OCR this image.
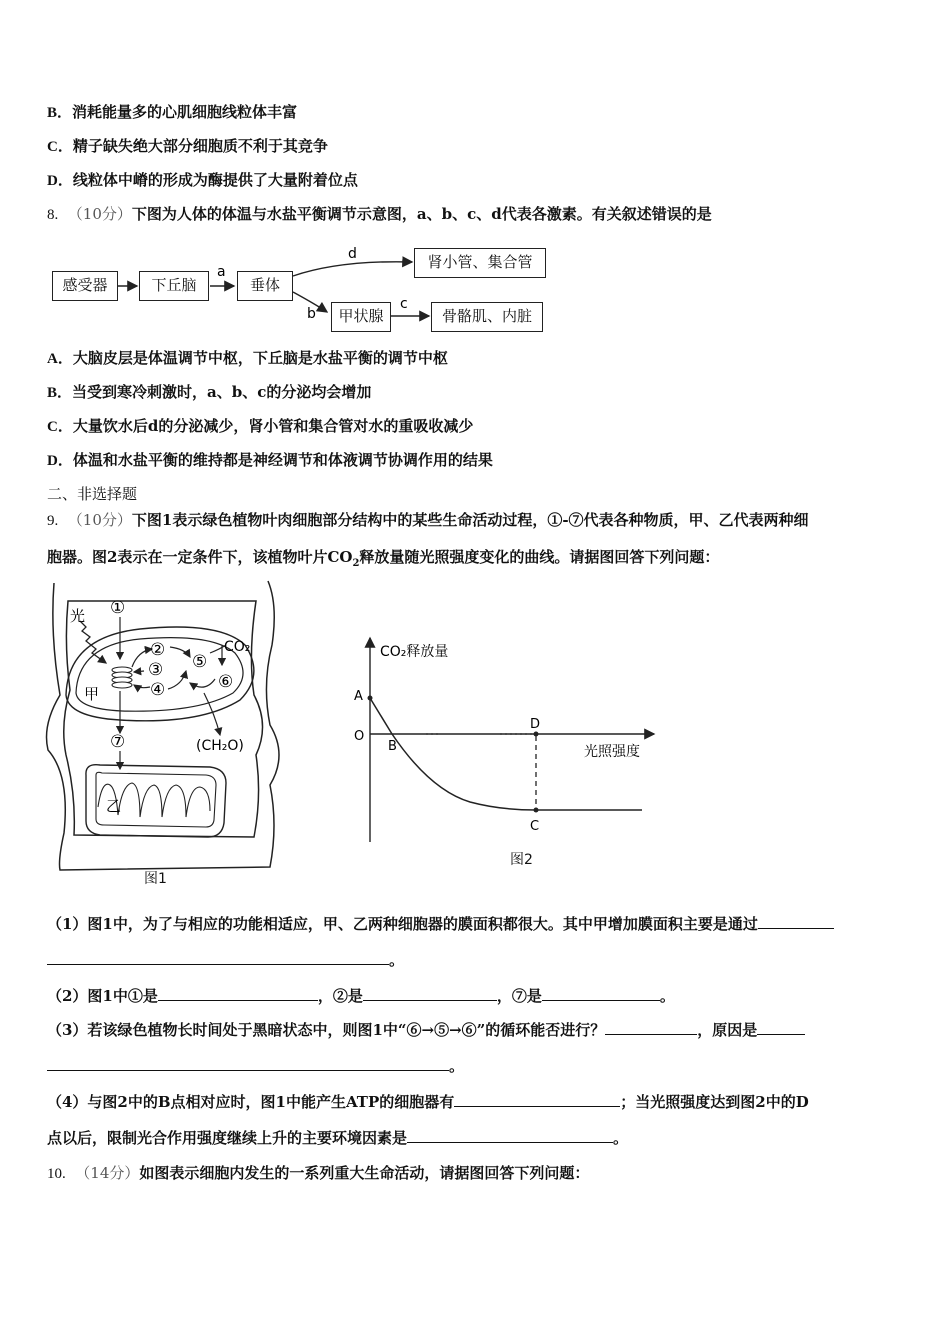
B．消耗能量多的心肌细胞线粒体丰富
C．精子缺失绝大部分细胞质不利于其竞争
D．线粒体中嵴的形成为酶提供了大量附着位点
8. （10分）下图为人体的体温与水盐平衡调节示意图，a、b、c、d代表各激素。有关叙述错误的是
a
b
c
d
感受器	下丘脑	垂体
肾小管、集合管
甲状腺	骨骼肌、内脏
A．大脑皮层是体温调节中枢，下丘脑是水盐平衡的调节中枢
B．当受到寒冷刺激时，a、b、c的分泌均会增加
C．大量饮水后d的分泌减少，肾小管和集合管对水的重吸收减少
D．体温和水盐平衡的维持都是神经调节和体液调节协调作用的结果
二、非选择题
9. （10分）下图1表示绿色植物叶肉细胞部分结构中的某些生命活动过程，①-⑦代表各种物质，甲、乙代表两种细
胞器。图2表示在一定条件下，该植物叶片$CO_2$释放量随光照强度变化的曲线。请据图回答下列问题：
光
甲
乙
CO₂
(CH₂O)
①
②
③
④
⑤
⑥
⑦
图1
CO₂释放量
光照强度
A
O
B
D
C
图2
（1）图1中，为了与相应的功能相适应，甲、乙两种细胞器的膜面积都很大。其中甲增加膜面积主要是通过
。
（2）图1中①是	，②是	，⑦是	。
（3）若该绿色植物长时间处于黑暗状态中，则图1中“⑥→⑤→⑥”的循环能否进行？	，原因是
。
（4）与图2中的B点相对应时，图1中能产生ATP的细胞器有	；当光照强度达到图2中的D
点以后，限制光合作用强度继续上升的主要环境因素是	。
10. （14分）如图表示细胞内发生的一系列重大生命活动，请据图回答下列问题：
